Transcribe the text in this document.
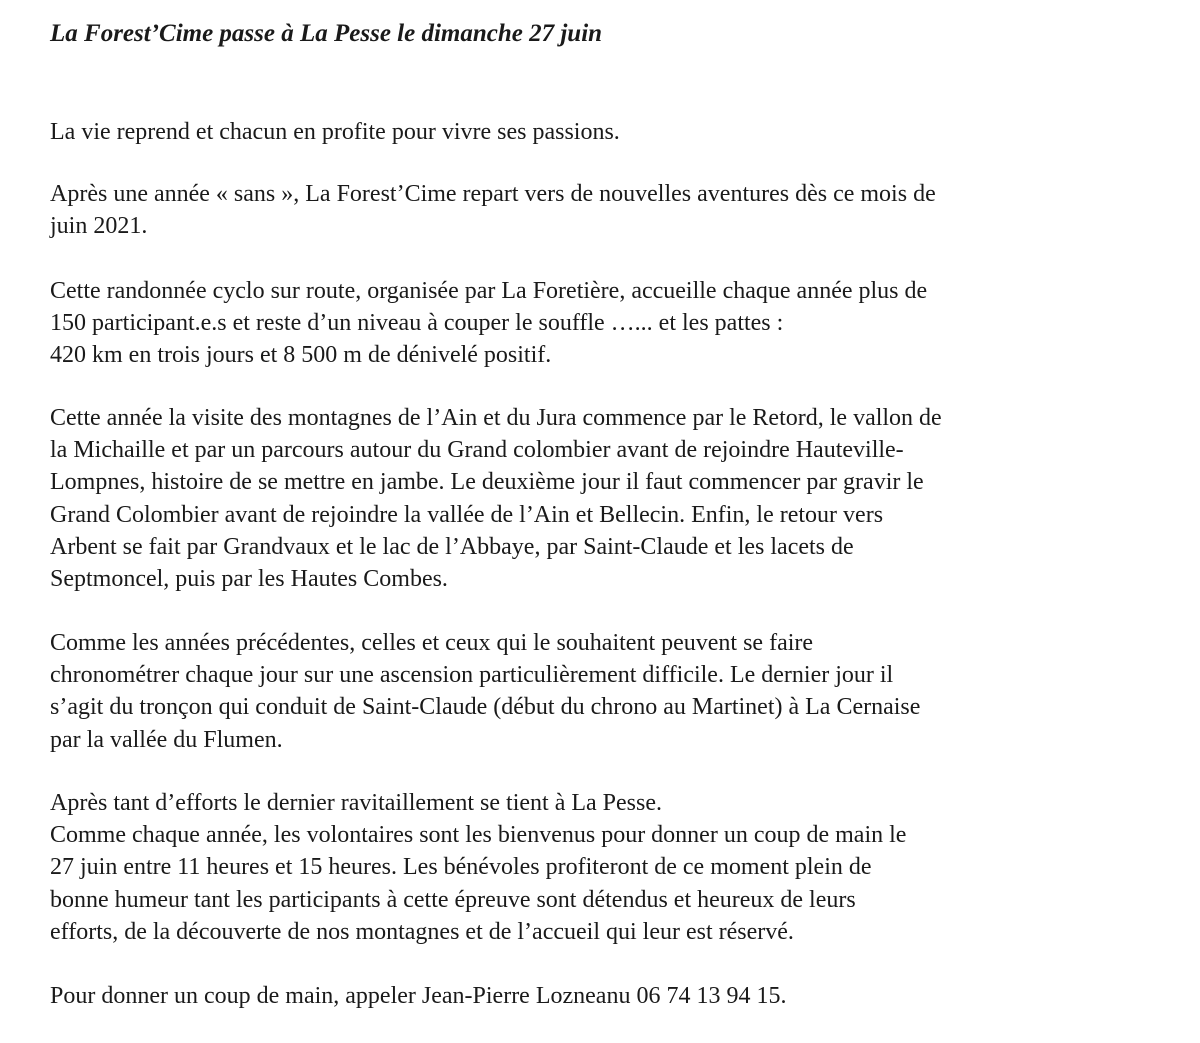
La Forest’Cime passe à La Pesse le dimanche 27 juin
La vie reprend et chacun en profite pour vivre ses passions.
Après une année « sans », La Forest’Cime repart vers de nouvelles aventures dès ce mois de
juin 2021.
Cette randonnée cyclo sur route, organisée par La Foretière, accueille chaque année plus de
150 participant.e.s et reste d’un niveau à couper le souffle …... et les pattes :
420 km en trois jours et 8 500 m de dénivelé positif.
Cette année la visite des montagnes de l’Ain et du Jura commence par le Retord, le vallon de
la Michaille et par un parcours autour du Grand colombier avant de rejoindre Hauteville-
Lompnes, histoire de se mettre en jambe. Le deuxième jour il faut commencer par gravir le
Grand Colombier avant de rejoindre la vallée de l’Ain et Bellecin. Enfin, le retour vers
Arbent se fait par Grandvaux et le lac de l’Abbaye, par Saint-Claude et les lacets de
Septmoncel, puis par les Hautes Combes.
Comme les années précédentes, celles et ceux qui le souhaitent peuvent se faire
chronométrer chaque jour sur une ascension particulièrement difficile. Le dernier jour il
s’agit du tronçon qui conduit de Saint-Claude (début du chrono au Martinet) à La Cernaise
par la vallée du Flumen.
Après tant d’efforts le dernier ravitaillement se tient à La Pesse.
Comme chaque année, les volontaires sont les bienvenus pour donner un coup de main le
27 juin entre 11 heures et 15 heures. Les bénévoles profiteront de ce moment plein de
bonne humeur tant les participants à cette épreuve sont détendus et heureux de leurs
efforts, de la découverte de nos montagnes et de l’accueil qui leur est réservé.
Pour donner un coup de main, appeler Jean-Pierre Lozneanu 06 74 13 94 15.
